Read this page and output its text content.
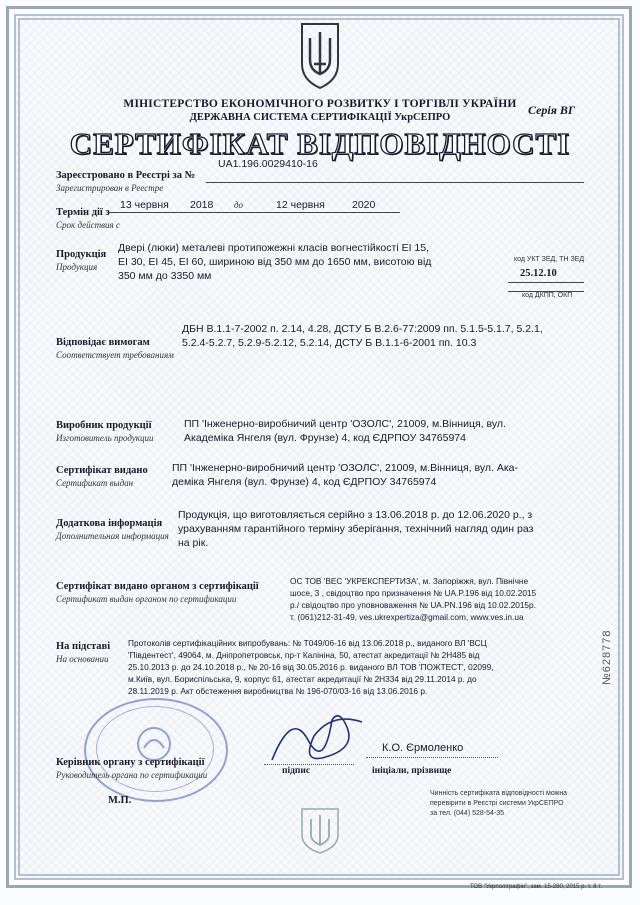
МІНІСТЕРСТВО ЕКОНОМІЧНОГО РОЗВИТКУ І ТОРГІВЛІ УКРАЇНИ
ДЕРЖАВНА СИСТЕМА СЕРТИФІКАЦІЇ УкрСЕПРО
Серія ВГ
СЕРТИФІКАТ ВІДПОВІДНОСТІ
UA1.196.0029410-16
Зареєстровано в Реєстрі за №
Зарегистрирован в Реестре
Термін дії з
Срок действия с
13 червня 2018 до	12 червня	2020
Продукція
Продукция
Двері (люки) металеві протипожежні класів вогнестійкості EI 15,
EI 30, EI 45, EI 60, шириною від 350 мм до 1650 мм, висотою від
350 мм до 3350 мм
код УКТ ЗЕД, ТН ЗЕД
25.12.10
код ДКПП, ОКП
Відповідає вимогам
Соответствует требованиям
ДБН В.1.1-7-2002 п. 2.14, 4.28, ДСТУ Б В.2.6-77:2009 пп. 5.1.5-5.1.7, 5.2.1,
5.2.4-5.2.7, 5.2.9-5.2.12, 5.2.14, ДСТУ Б В.1.1-6-2001 пп. 10.3
Виробник продукції
Изготовитель продукции
ПП 'Інженерно-виробничий центр 'ОЗОЛС', 21009, м.Вінниця, вул.
Академіка Янгеля (вул. Фрунзе) 4, код ЄДРПОУ 34765974
Сертифікат видано
Сертификат выдан
ПП 'Інженерно-виробничий центр 'ОЗОЛС', 21009, м.Вінниця, вул. Ака-
деміка Янгеля (вул. Фрунзе) 4, код ЄДРПОУ 34765974
Додаткова інформація
Дополнительная информация
Продукція, що виготовляється серійно з 13.06.2018 р. до 12.06.2020 р., з
урахуванням гарантійного терміну зберігання, технічний нагляд один раз
на рік.
Сертифікат видано органом з сертифікації
Сертификат выдан органом по сертификации
ОС ТОВ 'ВЕС 'УКРЕКСПЕРТИЗА', м. Запоріжжя, вул. Північне
шосе, 3 , свідоцтво про призначення № UA.P.196 від 10.02.2015
р./ свідоцтво про уповноваження № UA.PN.196 від 10.02.2015р.
т. (061)212-31-49, ves.ukrexpertiza@gmail.com, www.ves.in.ua
На підставі
На основании
Протоколів сертифікаційних випробувань: № T049/06-16 від 13.06.2018 р., виданого ВЛ 'ВСЦ
'Південтест', 49064, м. Дніпропетровськ, пр-т Калініна, 50, атестат акредитації № 2Н485 від
25.10.2013 р. до 24.10.2018 р., № 20-16 від 30.05.2016 р. виданого ВЛ ТОВ 'ПОЖТЕСТ', 02099,
м.Київ, вул. Бориспільська, 9, корпус 61, атестат акредитації № 2Н334 від 29.11.2014 р. до
28.11.2019 р. Акт обстеження виробництва № 196-070/03-16 від 13.06.2016 р.
Керівник органу з сертифікації
Руководитель органа по сертификации
К.О. Єрмоленко
підпис	ініціали, прізвище
М.П.
Чинність сертифіката відповідності можна
перевірити в Реєстрі системи УкрСЕПРО
за тел. (044) 528-54-35
ТОВ "Укрполіграфін", зам. 15-280, 2015 р. т. 8 т.
№628778
